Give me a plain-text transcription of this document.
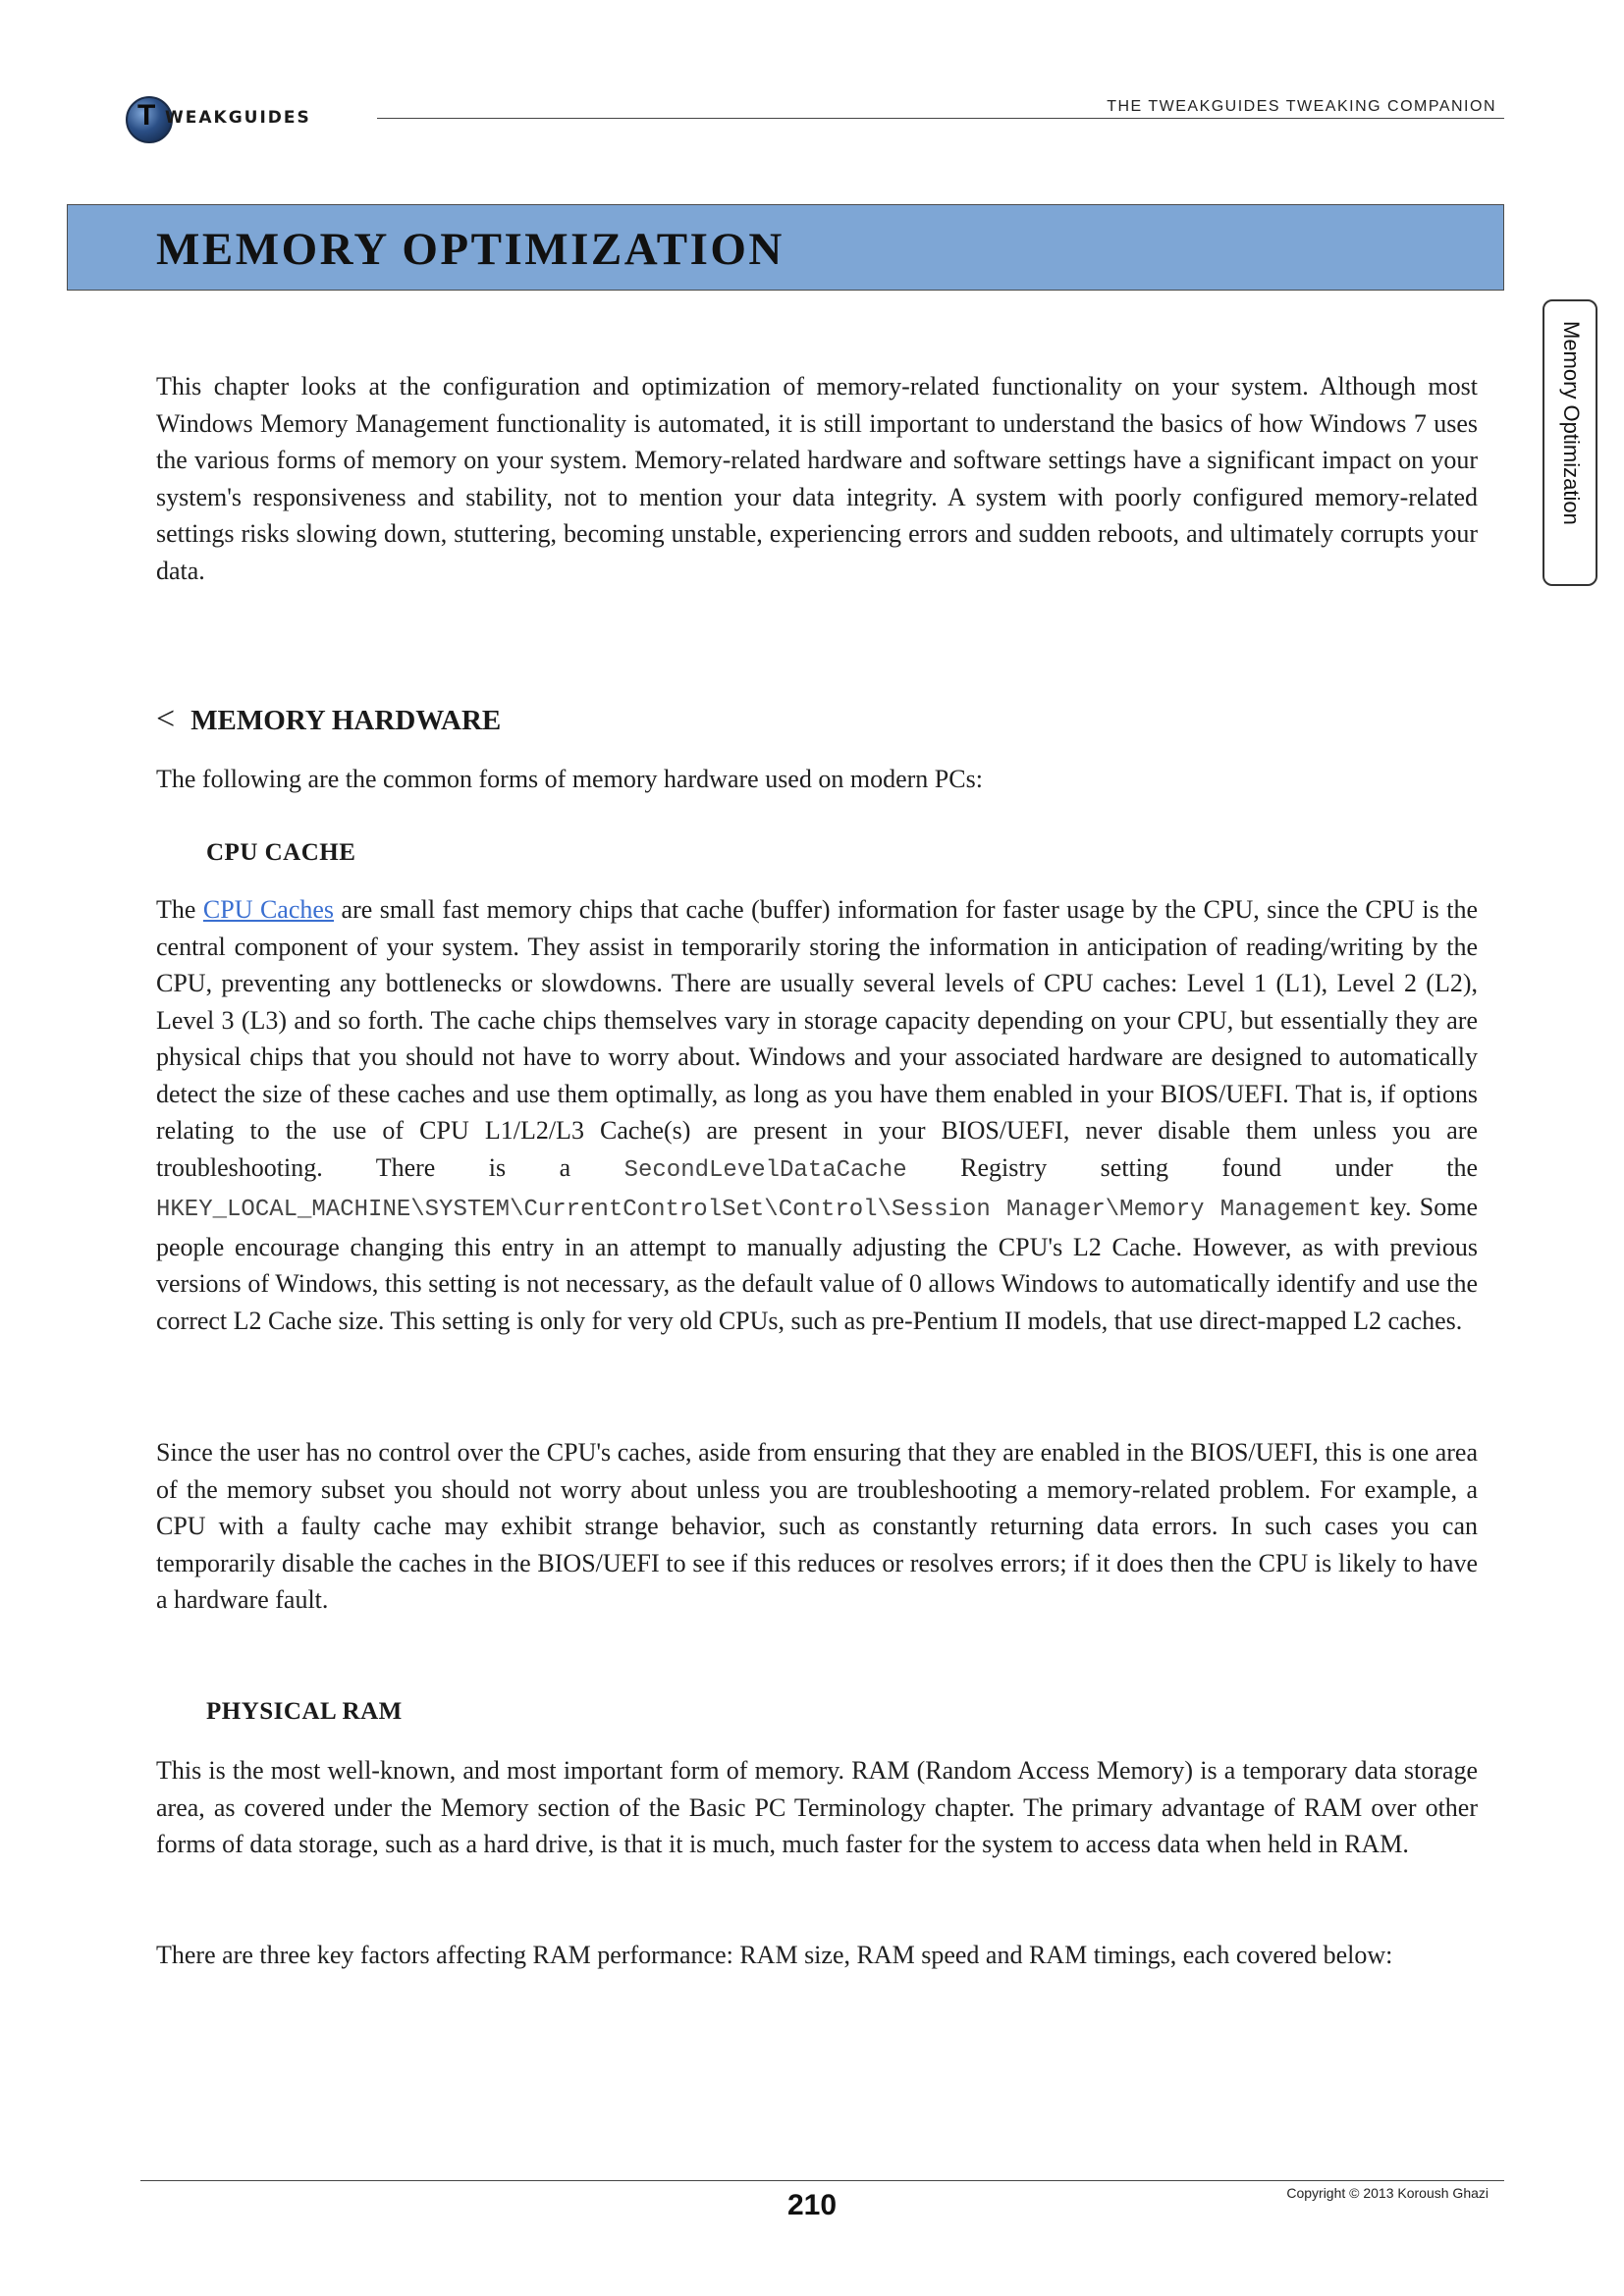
T WEAKGUIDES
THE TWEAKGUIDES TWEAKING COMPANION
MEMORY OPTIMIZATION
Memory Optimization

This chapter looks at the configuration and optimization of memory-related functionality on your system. Although most Windows Memory Management functionality is automated, it is still important to understand the basics of how Windows 7 uses the various forms of memory on your system. Memory-related hardware and software settings have a significant impact on your system's responsiveness and stability, not to mention your data integrity. A system with poorly configured memory-related settings risks slowing down, stuttering, becoming unstable, experiencing errors and sudden reboots, and ultimately corrupts your data.

< MEMORY HARDWARE

The following are the common forms of memory hardware used on modern PCs:

CPU CACHE

The CPU Caches are small fast memory chips that cache (buffer) information for faster usage by the CPU, since the CPU is the central component of your system. They assist in temporarily storing the information in anticipation of reading/writing by the CPU, preventing any bottlenecks or slowdowns. There are usually several levels of CPU caches: Level 1 (L1), Level 2 (L2), Level 3 (L3) and so forth. The cache chips themselves vary in storage capacity depending on your CPU, but essentially they are physical chips that you should not have to worry about. Windows and your associated hardware are designed to automatically detect the size of these caches and use them optimally, as long as you have them enabled in your BIOS/UEFI. That is, if options relating to the use of CPU L1/L2/L3 Cache(s) are present in your BIOS/UEFI, never disable them unless you are troubleshooting. There is a SecondLevelDataCache Registry setting found under the HKEY_LOCAL_MACHINE\SYSTEM\CurrentControlSet\Control\Session Manager\Memory Management key. Some people encourage changing this entry in an attempt to manually adjusting the CPU's L2 Cache. However, as with previous versions of Windows, this setting is not necessary, as the default value of 0 allows Windows to automatically identify and use the correct L2 Cache size. This setting is only for very old CPUs, such as pre-Pentium II models, that use direct-mapped L2 caches.

Since the user has no control over the CPU's caches, aside from ensuring that they are enabled in the BIOS/UEFI, this is one area of the memory subset you should not worry about unless you are troubleshooting a memory-related problem. For example, a CPU with a faulty cache may exhibit strange behavior, such as constantly returning data errors. In such cases you can temporarily disable the caches in the BIOS/UEFI to see if this reduces or resolves errors; if it does then the CPU is likely to have a hardware fault.

PHYSICAL RAM

This is the most well-known, and most important form of memory. RAM (Random Access Memory) is a temporary data storage area, as covered under the Memory section of the Basic PC Terminology chapter. The primary advantage of RAM over other forms of data storage, such as a hard drive, is that it is much, much faster for the system to access data when held in RAM.

There are three key factors affecting RAM performance: RAM size, RAM speed and RAM timings, each covered below:

210	Copyright © 2013 Koroush Ghazi
